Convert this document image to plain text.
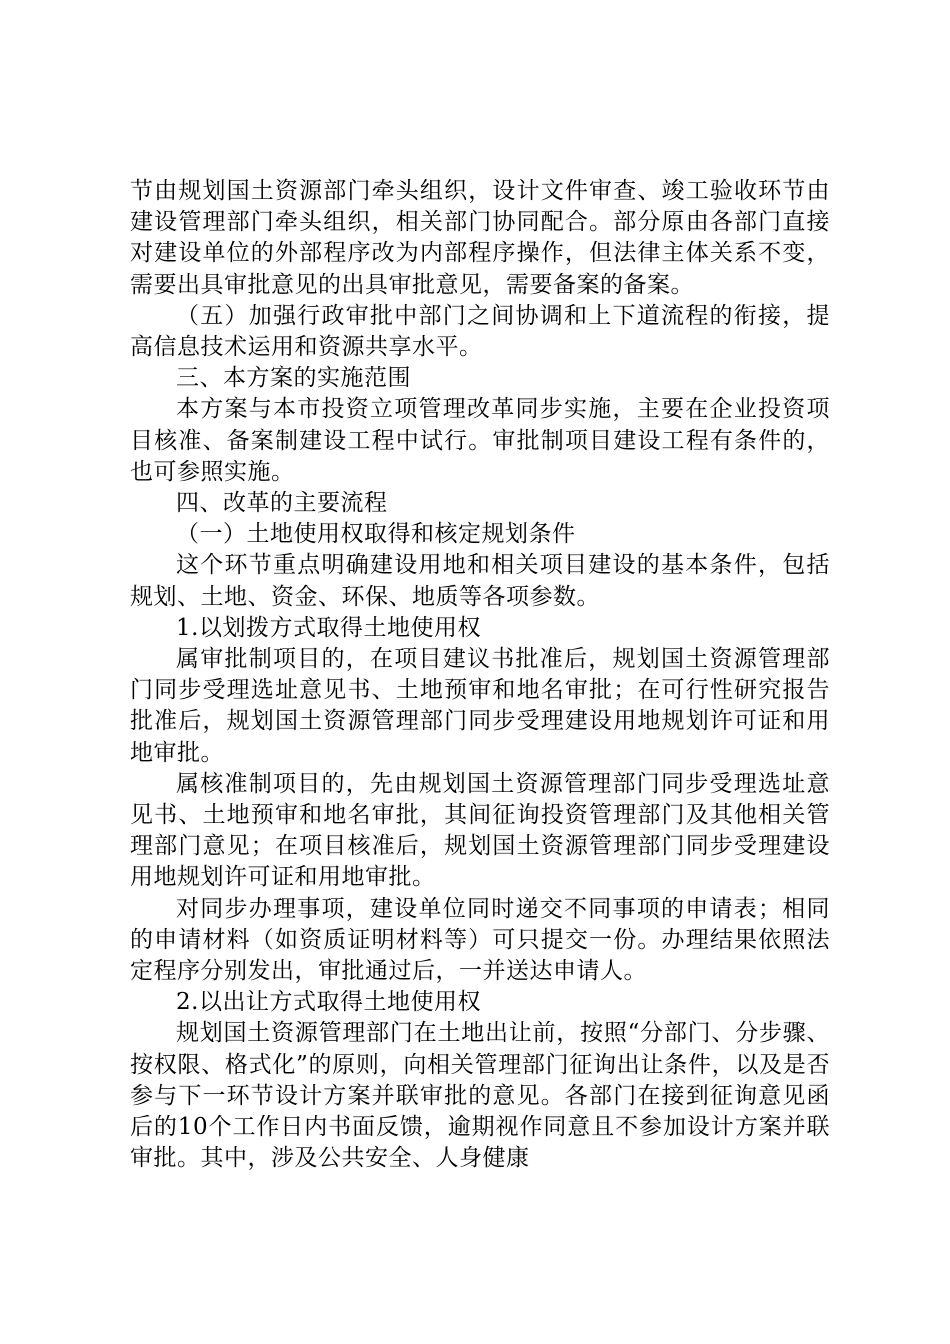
节由规划国土资源部门牵头组织，设计文件审查、竣工验收环节由建设管理部门牵头组织，相关部门协同配合。部分原由各部门直接对建设单位的外部程序改为内部程序操作，但法律主体关系不变，需要出具审批意见的出具审批意见，需要备案的备案。

（五）加强行政审批中部门之间协调和上下道流程的衔接，提高信息技术运用和资源共享水平。

三、本方案的实施范围

本方案与本市投资立项管理改革同步实施，主要在企业投资项目核准、备案制建设工程中试行。审批制项目建设工程有条件的，也可参照实施。

四、改革的主要流程

（一）土地使用权取得和核定规划条件

这个环节重点明确建设用地和相关项目建设的基本条件，包括规划、土地、资金、环保、地质等各项参数。

1.以划拨方式取得土地使用权

属审批制项目的，在项目建议书批准后，规划国土资源管理部门同步受理选址意见书、土地预审和地名审批；在可行性研究报告批准后，规划国土资源管理部门同步受理建设用地规划许可证和用地审批。

属核准制项目的，先由规划国土资源管理部门同步受理选址意见书、土地预审和地名审批，其间征询投资管理部门及其他相关管理部门意见；在项目核准后，规划国土资源管理部门同步受理建设用地规划许可证和用地审批。

对同步办理事项，建设单位同时递交不同事项的申请表；相同的申请材料（如资质证明材料等）可只提交一份。办理结果依照法定程序分别发出，审批通过后，一并送达申请人。

2.以出让方式取得土地使用权

规划国土资源管理部门在土地出让前，按照“分部门、分步骤、按权限、格式化”的原则，向相关管理部门征询出让条件，以及是否参与下一环节设计方案并联审批的意见。各部门在接到征询意见函后的10个工作日内书面反馈，逾期视作同意且不参加设计方案并联审批。其中，涉及公共安全、人身健康
